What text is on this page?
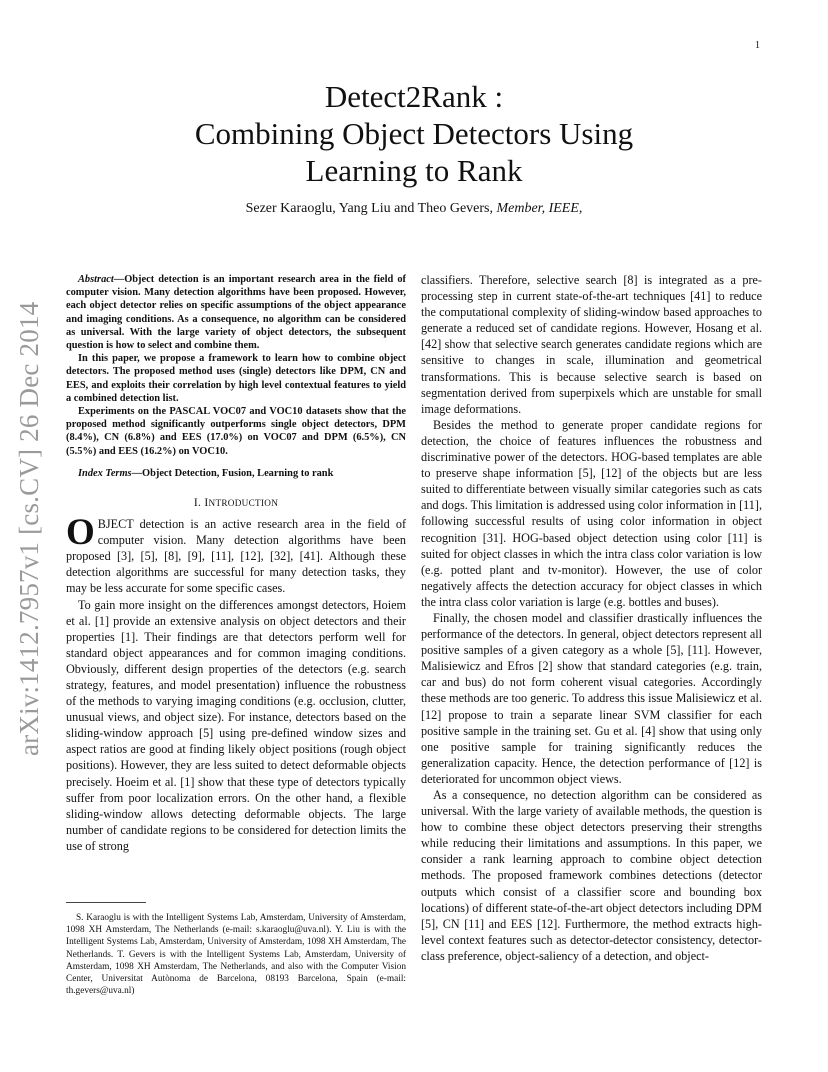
1
arXiv:1412.7957v1 [cs.CV] 26 Dec 2014
Detect2Rank :
Combining Object Detectors Using
Learning to Rank
Sezer Karaoglu, Yang Liu and Theo Gevers, Member, IEEE,

Abstract—Object detection is an important research area in the field of computer vision. Many detection algorithms have been proposed. However, each object detector relies on specific assumptions of the object appearance and imaging conditions. As a consequence, no algorithm can be considered as universal. With the large variety of object detectors, the subsequent question is how to select and combine them.

In this paper, we propose a framework to learn how to combine object detectors. The proposed method uses (single) detectors like DPM, CN and EES, and exploits their correlation by high level contextual features to yield a combined detection list.

Experiments on the PASCAL VOC07 and VOC10 datasets show that the proposed method significantly outperforms single object detectors, DPM (8.4%), CN (6.8%) and EES (17.0%) on VOC07 and DPM (6.5%), CN (5.5%) and EES (16.2%) on VOC10.

Index Terms—Object Detection, Fusion, Learning to rank

I. INTRODUCTION

OBJECT detection is an active research area in the field of computer vision. Many detection algorithms have been proposed [3], [5], [8], [9], [11], [12], [32], [41]. Although these detection algorithms are successful for many detection tasks, they may be less accurate for some specific cases.

To gain more insight on the differences amongst detectors, Hoiem et al. [1] provide an extensive analysis on object detectors and their properties [1]. Their findings are that detectors perform well for standard object appearances and for common imaging conditions. Obviously, different design properties of the detectors (e.g. search strategy, features, and model presentation) influence the robustness of the methods to varying imaging conditions (e.g. occlusion, clutter, unusual views, and object size). For instance, detectors based on the sliding-window approach [5] using pre-defined window sizes and aspect ratios are good at finding likely object positions (rough object positions). However, they are less suited to detect deformable objects precisely. Hoeim et al. [1] show that these type of detectors typically suffer from poor localization errors. On the other hand, a flexible sliding-window allows detecting deformable objects. The large number of candidate regions to be considered for detection limits the use of strong

S. Karaoglu is with the Intelligent Systems Lab, Amsterdam, University of Amsterdam, 1098 XH Amsterdam, The Netherlands (e-mail: s.karaoglu@uva.nl). Y. Liu is with the Intelligent Systems Lab, Amsterdam, University of Amsterdam, 1098 XH Amsterdam, The Netherlands. T. Gevers is with the Intelligent Systems Lab, Amsterdam, University of Amsterdam, 1098 XH Amsterdam, The Netherlands, and also with the Computer Vision Center, Universitat Autònoma de Barcelona, 08193 Barcelona, Spain (e-mail: th.gevers@uva.nl)

classifiers. Therefore, selective search [8] is integrated as a pre-processing step in current state-of-the-art techniques [41] to reduce the computational complexity of sliding-window based approaches to generate a reduced set of candidate regions. However, Hosang et al. [42] show that selective search generates candidate regions which are sensitive to changes in scale, illumination and geometrical transformations. This is because selective search is based on segmentation derived from superpixels which are unstable for small image deformations.

Besides the method to generate proper candidate regions for detection, the choice of features influences the robustness and discriminative power of the detectors. HOG-based templates are able to preserve shape information [5], [12] of the objects but are less suited to differentiate between visually similar categories such as cats and dogs. This limitation is addressed using color information in [11], following successful results of using color information in object recognition [31]. HOG-based object detection using color [11] is suited for object classes in which the intra class color variation is low (e.g. potted plant and tv-monitor). However, the use of color negatively affects the detection accuracy for object classes in which the intra class color variation is large (e.g. bottles and buses).

Finally, the chosen model and classifier drastically influences the performance of the detectors. In general, object detectors represent all positive samples of a given category as a whole [5], [11]. However, Malisiewicz and Efros [2] show that standard categories (e.g. train, car and bus) do not form coherent visual categories. Accordingly these methods are too generic. To address this issue Malisiewicz et al. [12] propose to train a separate linear SVM classifier for each positive sample in the training set. Gu et al. [4] show that using only one positive sample for training significantly reduces the generalization capacity. Hence, the detection performance of [12] is deteriorated for uncommon object views.

As a consequence, no detection algorithm can be considered as universal. With the large variety of available methods, the question is how to combine these object detectors preserving their strengths while reducing their limitations and assumptions. In this paper, we consider a rank learning approach to combine object detection methods. The proposed framework combines detections (detector outputs which consist of a classifier score and bounding box locations) of different state-of-the-art object detectors including DPM [5], CN [11] and EES [12]. Furthermore, the method extracts high-level context features such as detector-detector consistency, detector-class preference, object-saliency of a detection, and object-
